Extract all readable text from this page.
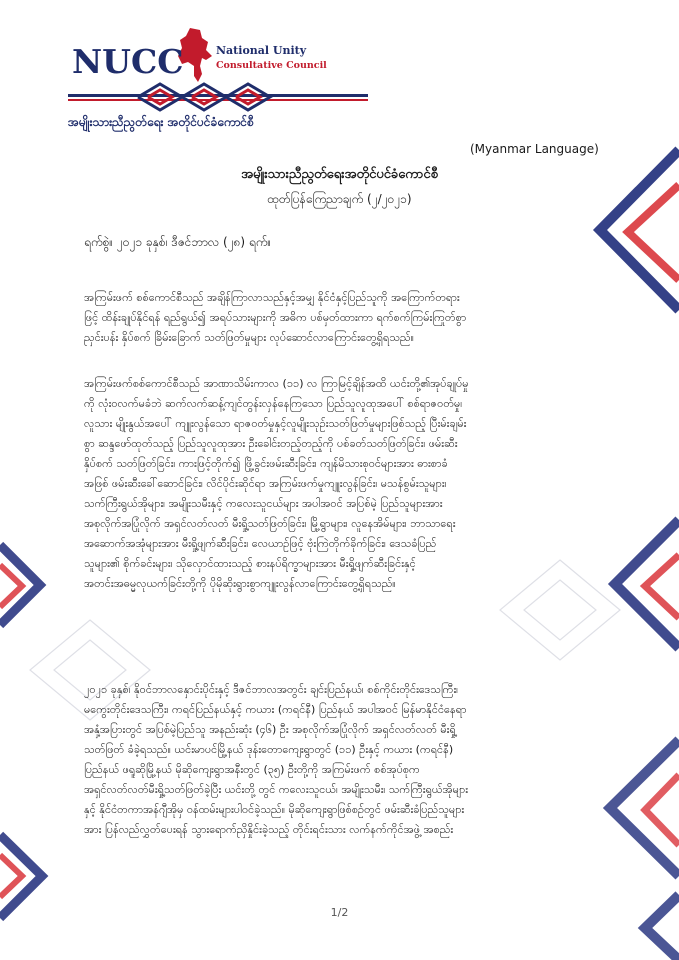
NUCC	National Unity
Consultative Council
အမျိုးသားညီညွတ်ရေး အတိုင်ပင်ခံကောင်စီ
(Myanmar Language)
အမျိုးသားညီညွတ်ရေးအတိုင်ပင်ခံကောင်စီ
ထုတ်ပြန်ကြေညာချက် (၂/၂၀၂၁)
ရက်စွဲ။ ၂၀၂၁ ခုနှစ်၊ ဒီဇင်ဘာလ (၂၈) ရက်။
အကြမ်းဖက် စစ်ကောင်စီသည် အချိန်ကြာလာသည်နှင့်အမျှ နိုင်ငံနှင့်ပြည်သူကို အကြောက်တရား
ဖြင့် ထိန်းချုပ်နိုင်ရန် ရည်ရွယ်၍ အရပ်သားများကို အဓိက ပစ်မှတ်ထားကာ ရက်စက်ကြမ်းကြုတ်စွာ
ညှင်းပန်း နှိပ်စက် ခြိမ်းခြောက် သတ်ဖြတ်မှုများ လုပ်ဆောင်လာကြောင်းတွေ့ရှိရသည်။
အကြမ်းဖက်စစ်ကောင်စီသည် အာဏာသိမ်းကာလ (၁၁) လ ကြာမြင့်ချိန်အထိ ယင်းတို့၏အုပ်ချုပ်မှု
ကို လုံးဝလက်မခံဘဲ ဆက်လက်ဆန့်ကျင်တွန်းလှန်နေကြသော ပြည်သူလူထုအပေါ် စစ်ရာဇဝတ်မှု၊
လူသား မျိုးနွယ်အပေါ် ကျူးလွန်သော ရာဇဝတ်မှုနှင့်လူမျိုးသုဉ်းသတ်ဖြတ်မှုများဖြစ်သည့် ပြီးမ်းချမ်း
စွာ ဆန္ဒဖော်ထုတ်သည့် ပြည်သူလူထုအား ဦးခေါင်းတည့်တည့်ကို ပစ်ခတ်သတ်ဖြတ်ခြင်း၊ ဖမ်းဆီး
နှိပ်စက် သတ်ဖြတ်ခြင်း၊ ကားဖြင့်တိုက်၍ ဖြို့ခွင်းဖမ်းဆီးခြင်း၊ ကျန်မိသားစုဝင်များအား ဓားစာခံ
အဖြစ် ဖမ်းဆီးခေါ်ဆောင်ခြင်း၊ လိင်ပိုင်းဆိုင်ရာ အကြမ်းဖက်မှုကျူးလွန်ခြင်း၊ မသန်စွမ်းသူများ၊
သက်ကြီးရွယ်အိုများ၊ အမျိုးသမီးနှင့် ကလေးသူငယ်များ အပါအဝင် အပြစ်မဲ့ ပြည်သူများအား
အစုလိုက်အပြုံလိုက် အရှင်လတ်လတ် မီးရှို့သတ်ဖြတ်ခြင်း၊ မြို့ရွာများ၊ လူနေအိမ်များ၊ ဘာသာရေး
အဆောက်အအုံများအား မီးရှို့ဖျက်ဆီးခြင်း၊ လေယာဉ်ဖြင့် ဗုံးကြဲတိုက်ခိုက်ခြင်း၊ ဒေသခံပြည်
သူများ၏ စိုက်ခင်းများ၊ သိုလှောင်ထားသည့် စားနပ်ရိက္ခာများအား မီးရှို့ဖျက်ဆီးခြင်းနှင့်
အတင်းအဓမ္မလုယက်ခြင်းတို့ကို ပိုမိုဆိုးရွားစွာကျူးလွန်လာကြောင်းတွေ့ရှိရသည်။
၂၀၂၁ ခုနှစ်၊ နိုဝင်ဘာလနှောင်းပိုင်းနှင့် ဒီဇင်ဘာလအတွင်း ချင်းပြည်နယ်၊ စစ်ကိုင်းတိုင်းဒေသကြီး၊
မကွေးတိုင်းဒေသကြီး၊ ကရင်ပြည်နယ်နှင့် ကယား (ကရင်နီ) ပြည်နယ် အပါအဝင် မြန်မာနိုင်ငံနေရာ
အနှံ့အပြားတွင် အပြစ်မဲ့ပြည်သူ အနည်းဆုံး (၄၆) ဦး အစုလိုက်အပြုံလိုက် အရှင်လတ်လတ် မီးရှို့
သတ်ဖြတ် ခံခဲ့ရသည်။ ယင်းမာပင်မြို့နယ် ဒုန်းတောကျေးရွာတွင် (၁၁) ဦးနှင့် ကယား (ကရင်နီ)
ပြည်နယ် ဖရူဆိုမြို့နယ် မိုဆိုကျေးရွာအနီးတွင် (၃၅) ဦးတို့ကို အကြမ်းဖက် စစ်အုပ်စုက
အရှင်လတ်လတ်မီးရှို့သတ်ဖြတ်ခဲ့ပြီး ယင်းတို့ တွင် ကလေးသူငယ်၊ အမျိုးသမီး၊ သက်ကြီးရွယ်အိုများ
နှင့် နိုင်ငံတကာအန်ဂျီအိုမှ ဝန်ထမ်းများပါဝင်ခဲ့သည်။ မိုဆိုကျေးရွာဖြစ်စဉ်တွင် ဖမ်းဆီးခံပြည်သူများ
အား ပြန်လည်လွှတ်ပေးရန် သွားရောက်ညှိနှိုင်းခဲ့သည့် တိုင်းရင်းသား လက်နက်ကိုင်အဖွဲ့ အစည်း
1/2
